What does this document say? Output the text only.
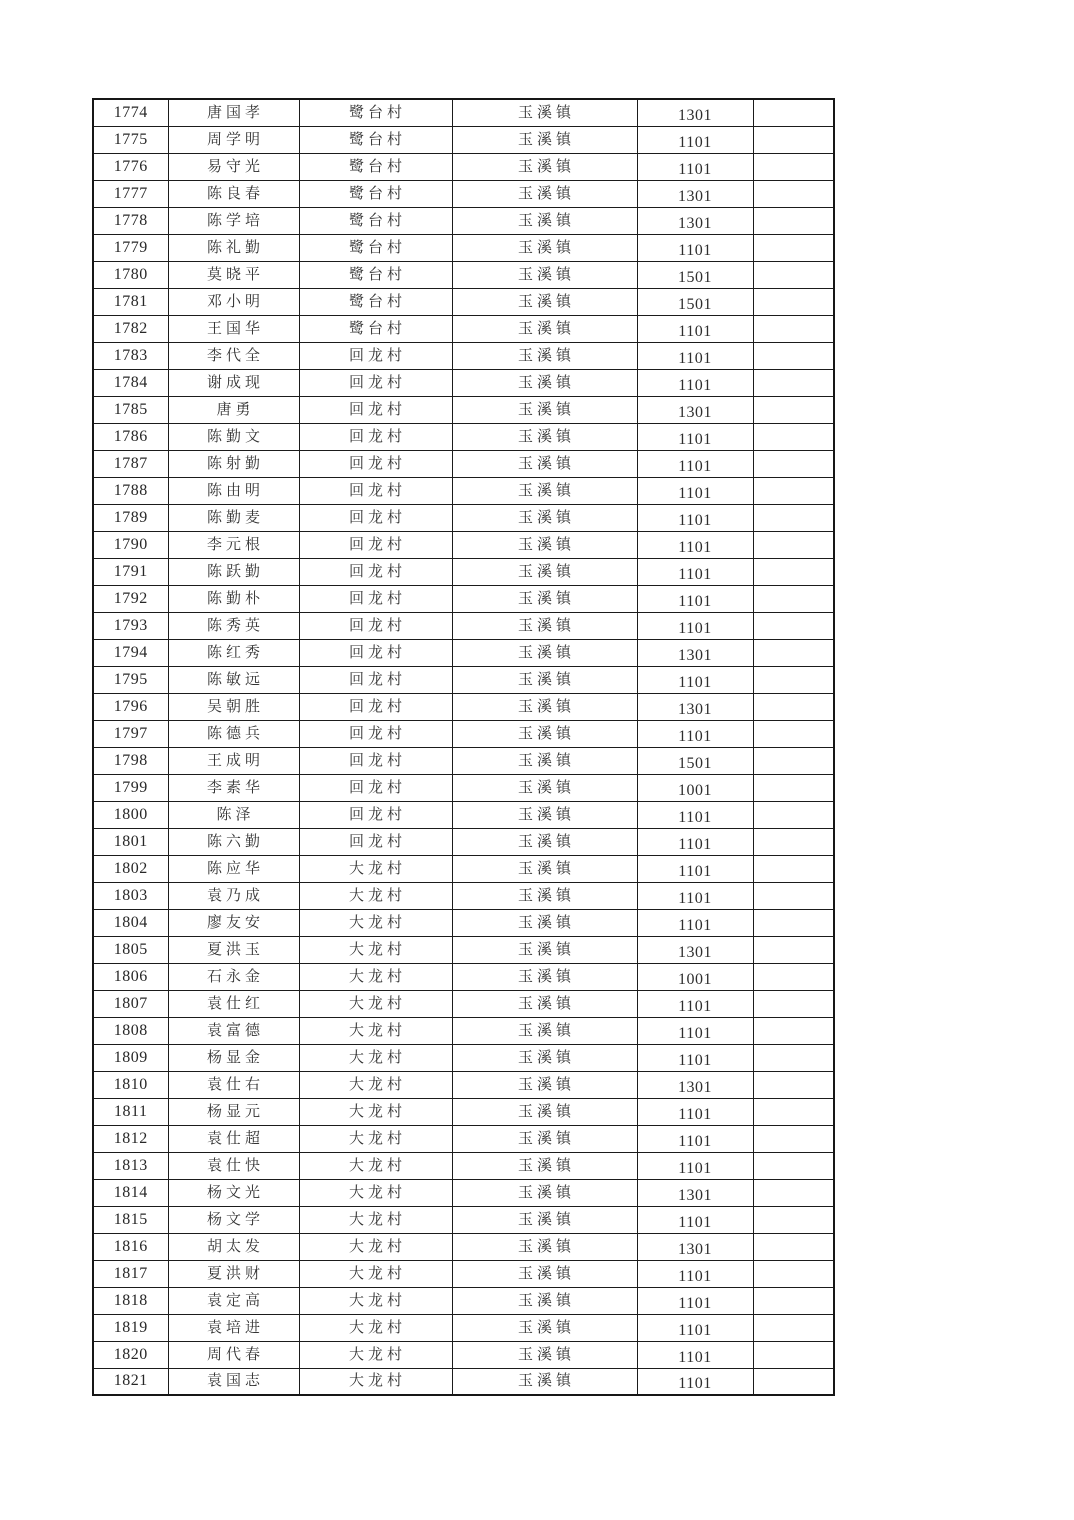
1774	唐国孝	鹭台村	玉溪镇	1301	
1775	周学明	鹭台村	玉溪镇	1101	
1776	易守光	鹭台村	玉溪镇	1101	
1777	陈良春	鹭台村	玉溪镇	1301	
1778	陈学培	鹭台村	玉溪镇	1301	
1779	陈礼勤	鹭台村	玉溪镇	1101	
1780	莫晓平	鹭台村	玉溪镇	1501	
1781	邓小明	鹭台村	玉溪镇	1501	
1782	王国华	鹭台村	玉溪镇	1101	
1783	李代全	回龙村	玉溪镇	1101	
1784	谢成现	回龙村	玉溪镇	1101	
1785	唐勇	回龙村	玉溪镇	1301	
1786	陈勤文	回龙村	玉溪镇	1101	
1787	陈射勤	回龙村	玉溪镇	1101	
1788	陈由明	回龙村	玉溪镇	1101	
1789	陈勤麦	回龙村	玉溪镇	1101	
1790	李元根	回龙村	玉溪镇	1101	
1791	陈跃勤	回龙村	玉溪镇	1101	
1792	陈勤朴	回龙村	玉溪镇	1101	
1793	陈秀英	回龙村	玉溪镇	1101	
1794	陈红秀	回龙村	玉溪镇	1301	
1795	陈敏远	回龙村	玉溪镇	1101	
1796	吴朝胜	回龙村	玉溪镇	1301	
1797	陈德兵	回龙村	玉溪镇	1101	
1798	王成明	回龙村	玉溪镇	1501	
1799	李素华	回龙村	玉溪镇	1001	
1800	陈泽	回龙村	玉溪镇	1101	
1801	陈六勤	回龙村	玉溪镇	1101	
1802	陈应华	大龙村	玉溪镇	1101	
1803	袁乃成	大龙村	玉溪镇	1101	
1804	廖友安	大龙村	玉溪镇	1101	
1805	夏洪玉	大龙村	玉溪镇	1301	
1806	石永金	大龙村	玉溪镇	1001	
1807	袁仕红	大龙村	玉溪镇	1101	
1808	袁富德	大龙村	玉溪镇	1101	
1809	杨显金	大龙村	玉溪镇	1101	
1810	袁仕右	大龙村	玉溪镇	1301	
1811	杨显元	大龙村	玉溪镇	1101	
1812	袁仕超	大龙村	玉溪镇	1101	
1813	袁仕快	大龙村	玉溪镇	1101	
1814	杨文光	大龙村	玉溪镇	1301	
1815	杨文学	大龙村	玉溪镇	1101	
1816	胡太发	大龙村	玉溪镇	1301	
1817	夏洪财	大龙村	玉溪镇	1101	
1818	袁定高	大龙村	玉溪镇	1101	
1819	袁培进	大龙村	玉溪镇	1101	
1820	周代春	大龙村	玉溪镇	1101	
1821	袁国志	大龙村	玉溪镇	1101	
